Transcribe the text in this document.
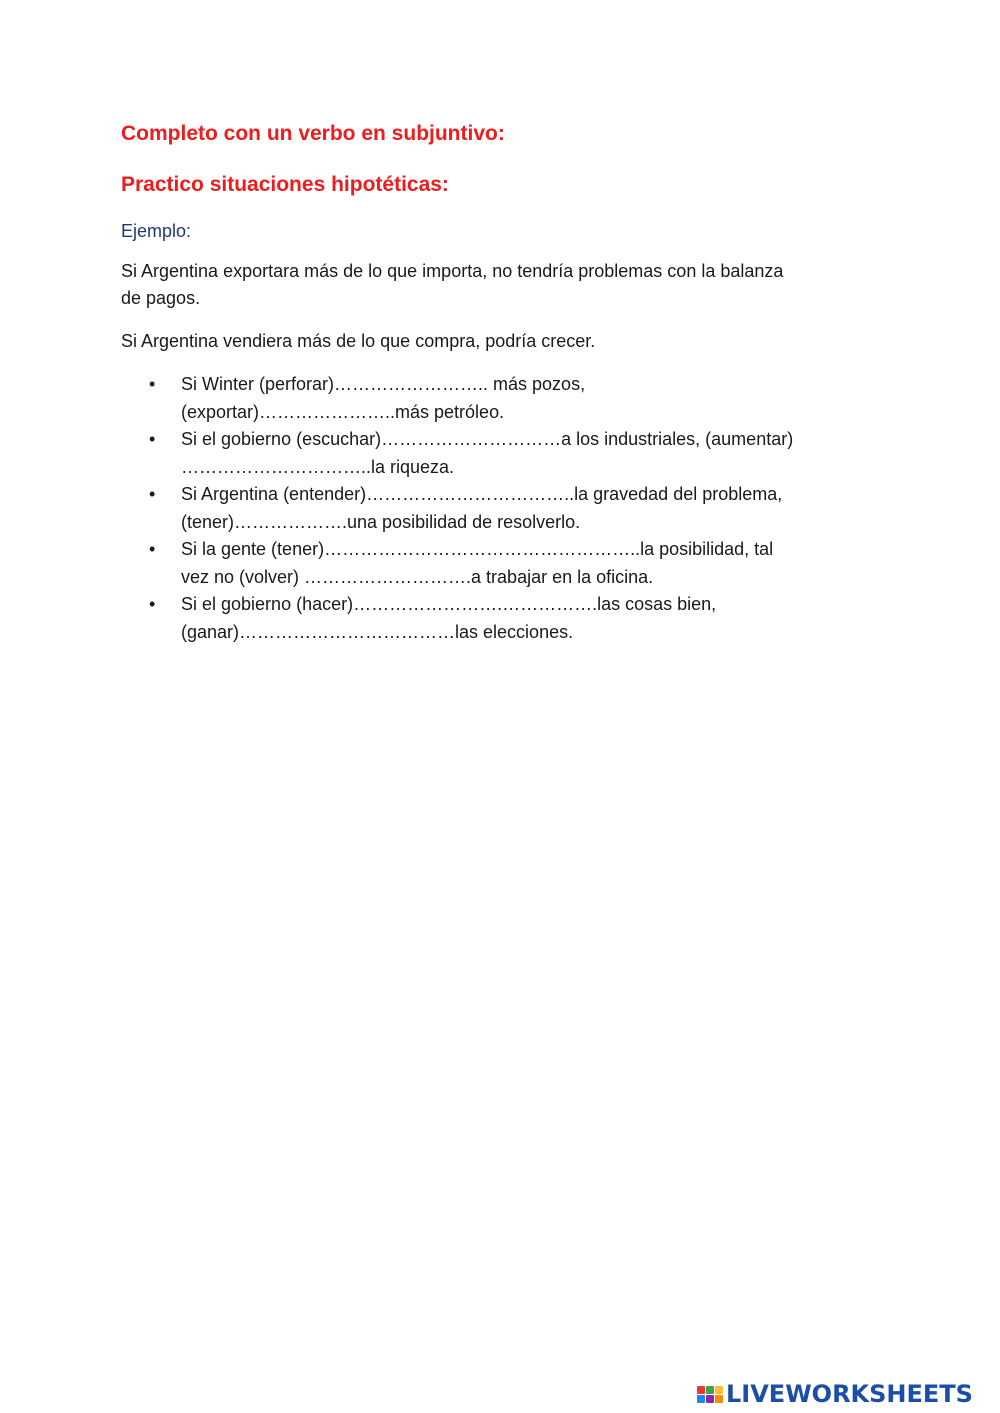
Completo con un verbo en subjuntivo:
Practico situaciones hipotéticas:

Ejemplo:

Si Argentina exportara más de lo que importa, no tendría problemas con la balanza
de pagos.

Si Argentina vendiera más de lo que compra, podría crecer.

• Si Winter (perforar)…………………….. más pozos,
(exportar)…………………..más petróleo.
• Si el gobierno (escuchar)…………………………a los industriales, (aumentar)
…………………………..la riqueza.
• Si Argentina (entender)……………………………..la gravedad del problema,
(tener)……………….una posibilidad de resolverlo.
• Si la gente (tener)……………………………………………..la posibilidad, tal
vez no (volver) ……………………….a trabajar en la oficina.
• Si el gobierno (hacer)…………………….…………….las cosas bien,
(ganar)………………………………las elecciones.
LIVEWORKSHEETS
